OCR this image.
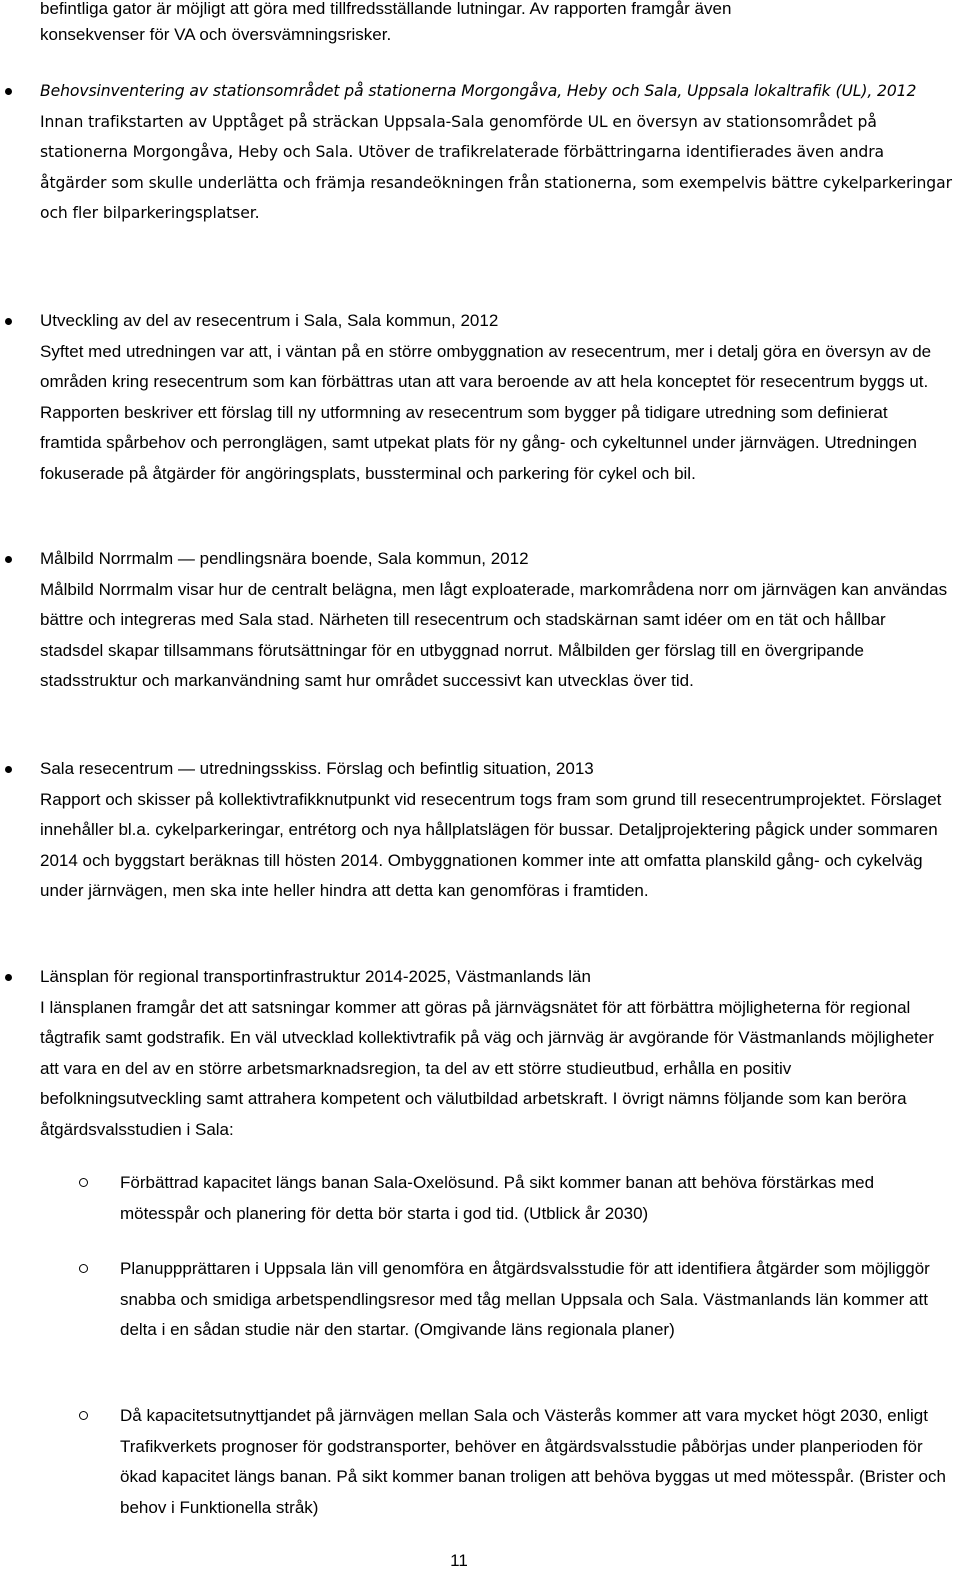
befintliga gator är möjligt att göra med tillfredsställande lutningar. Av rapporten framgår även
konsekvenser för VA och översvämningsrisker.
Behovsinventering av stationsområdet på stationerna Morgongåva, Heby och Sala, Uppsala lokaltrafik (UL), 2012
Innan trafikstarten av Upptåget på sträckan Uppsala-Sala genomförde UL en översyn av stationsområdet på stationerna Morgongåva, Heby och Sala. Utöver de trafikrelaterade förbättringarna identifierades även andra åtgärder som skulle underlätta och främja resandeökningen från stationerna, som exempelvis bättre cykelparkeringar och fler bilparkeringsplatser.
Utveckling av del av resecentrum i Sala, Sala kommun, 2012
Syftet med utredningen var att, i väntan på en större ombyggnation av resecentrum, mer i detalj göra en översyn av de områden kring resecentrum som kan förbättras utan att vara beroende av att hela konceptet för resecentrum byggs ut. Rapporten beskriver ett förslag till ny utformning av resecentrum som bygger på tidigare utredning som definierat framtida spårbehov och perronglägen, samt utpekat plats för ny gång- och cykeltunnel under järnvägen. Utredningen fokuserade på åtgärder för angöringsplats, bussterminal och parkering för cykel och bil.
Målbild Norrmalm — pendlingsnära boende, Sala kommun, 2012
Målbild Norrmalm visar hur de centralt belägna, men lågt exploaterade, markområdena norr om järnvägen kan användas bättre och integreras med Sala stad. Närheten till resecentrum och stadskärnan samt idéer om en tät och hållbar stadsdel skapar tillsammans förutsättningar för en utbyggnad norrut. Målbilden ger förslag till en övergripande stadsstruktur och markanvändning samt hur området successivt kan utvecklas över tid.
Sala resecentrum — utredningsskiss. Förslag och befintlig situation, 2013
Rapport och skisser på kollektivtrafikknutpunkt vid resecentrum togs fram som grund till resecentrumprojektet. Förslaget innehåller bl.a. cykelparkeringar, entrétorg och nya hållplatslägen för bussar. Detaljprojektering pågick under sommaren 2014 och byggstart beräknas till hösten 2014. Ombyggnationen kommer inte att omfatta planskild gång- och cykelväg under järnvägen, men ska inte heller hindra att detta kan genomföras i framtiden.
Länsplan för regional transportinfrastruktur 2014-2025, Västmanlands län
I länsplanen framgår det att satsningar kommer att göras på järnvägsnätet för att förbättra möjligheterna för regional tågtrafik samt godstrafik. En väl utvecklad kollektivtrafik på väg och järnväg är avgörande för Västmanlands möjligheter att vara en del av en större arbetsmarknadsregion, ta del av ett större studieutbud, erhålla en positiv befolkningsutveckling samt attrahera kompetent och välutbildad arbetskraft. I övrigt nämns följande som kan beröra åtgärdsvalsstudien i Sala:
Förbättrad kapacitet längs banan Sala-Oxelösund. På sikt kommer banan att behöva förstärkas med mötesspår och planering för detta bör starta i god tid. (Utblick år 2030)
Planuppprättaren i Uppsala län vill genomföra en åtgärdsvalsstudie för att identifiera åtgärder som möjliggör snabba och smidiga arbetspendlingsresor med tåg mellan Uppsala och Sala. Västmanlands län kommer att delta i en sådan studie när den startar. (Omgivande läns regionala planer)
Då kapacitetsutnyttjandet på järnvägen mellan Sala och Västerås kommer att vara mycket högt 2030, enligt Trafikverkets prognoser för godstransporter, behöver en åtgärdsvalsstudie påbörjas under planperioden för ökad kapacitet längs banan. På sikt kommer banan troligen att behöva byggas ut med mötesspår. (Brister och behov i Funktionella stråk)
11
